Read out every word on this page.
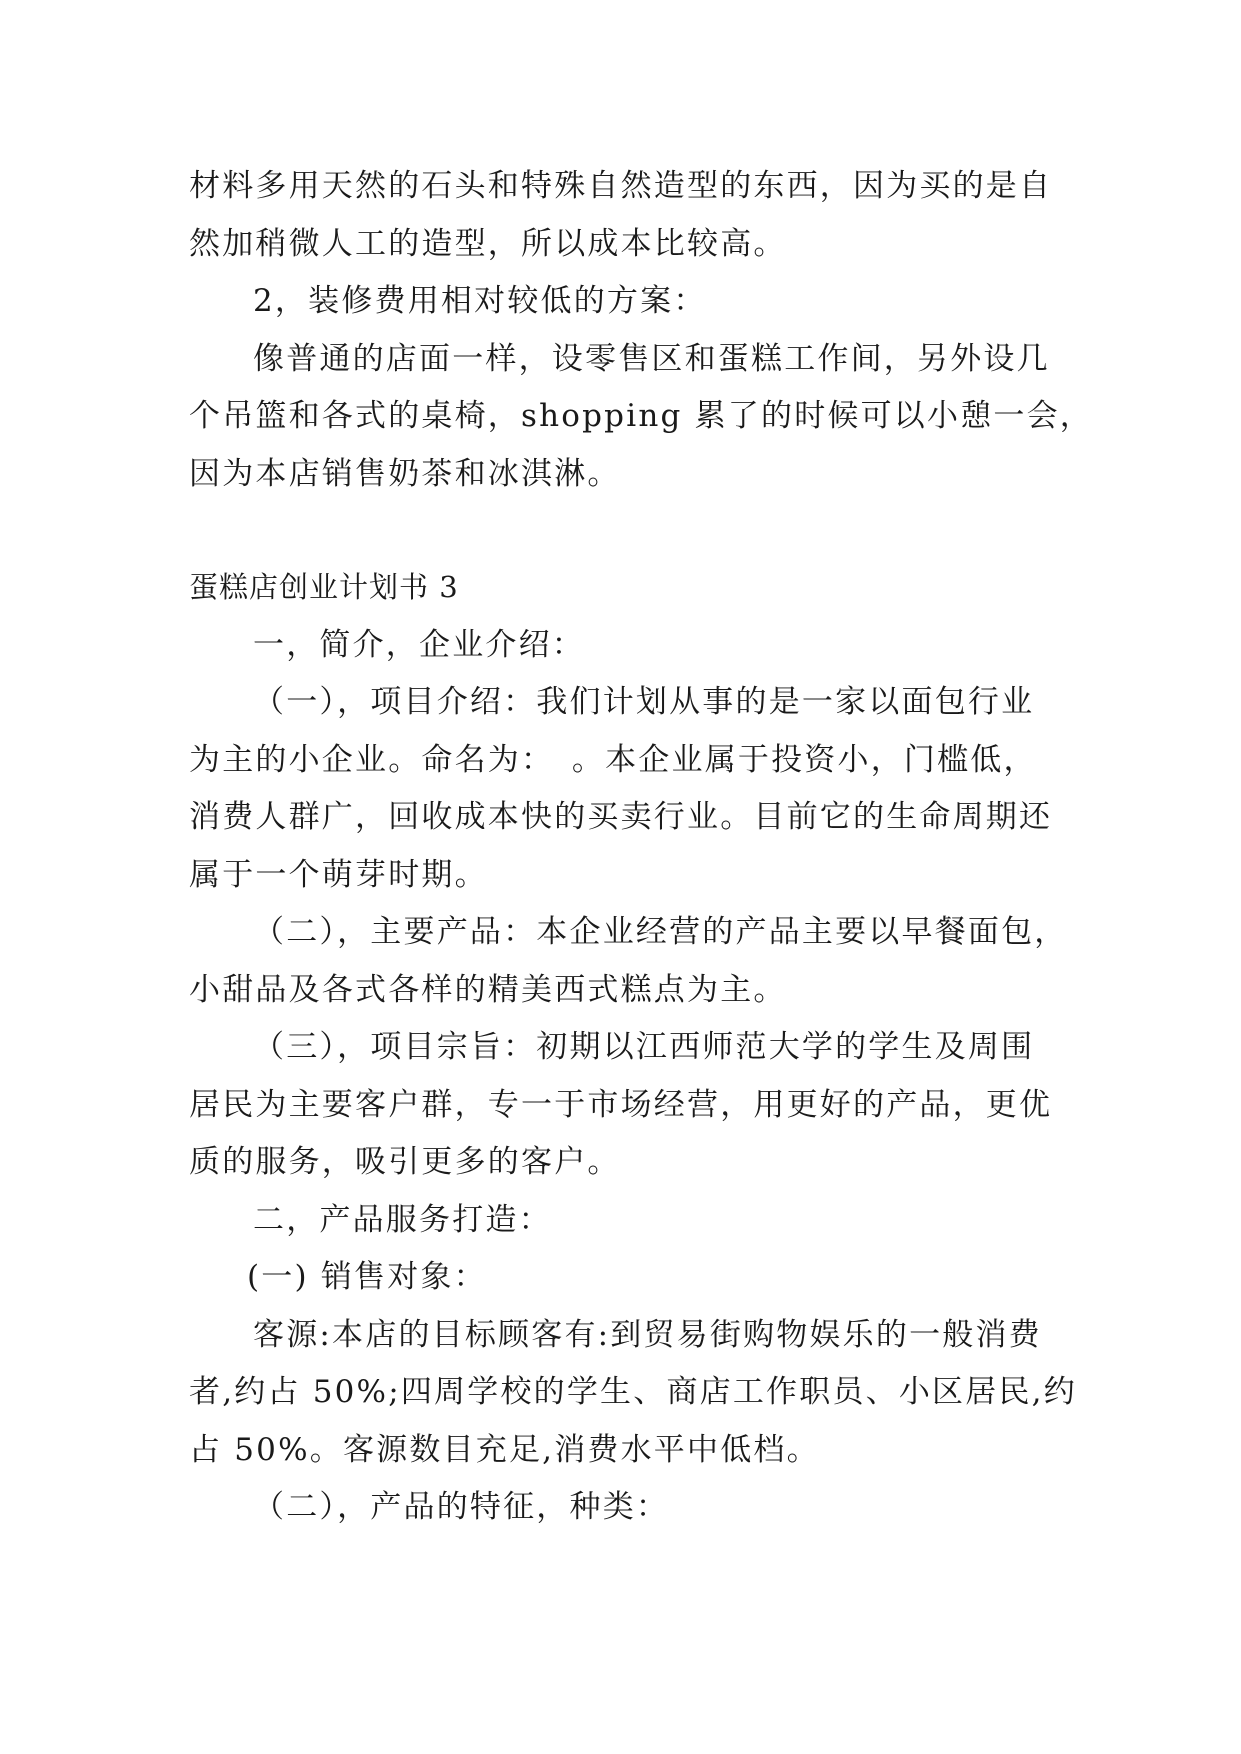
材料多用天然的石头和特殊自然造型的东西，因为买的是自
然加稍微人工的造型，所以成本比较高。
2，装修费用相对较低的方案：
像普通的店面一样，设零售区和蛋糕工作间，另外设几
个吊篮和各式的桌椅，shopping 累了的时候可以小憩一会，
因为本店销售奶茶和冰淇淋。
蛋糕店创业计划书 3
一，简介，企业介绍：
（一），项目介绍：我们计划从事的是一家以面包行业
为主的小企业。命名为：　。本企业属于投资小，门槛低，
消费人群广，回收成本快的买卖行业。目前它的生命周期还
属于一个萌芽时期。
（二），主要产品：本企业经营的产品主要以早餐面包，
小甜品及各式各样的精美西式糕点为主。
（三），项目宗旨：初期以江西师范大学的学生及周围
居民为主要客户群，专一于市场经营，用更好的产品，更优
质的服务，吸引更多的客户。
二，产品服务打造：
(一) 销售对象：
客源:本店的目标顾客有:到贸易街购物娱乐的一般消费
者,约占 50%;四周学校的学生、商店工作职员、小区居民,约
占 50%。客源数目充足,消费水平中低档。
（二），产品的特征，种类：
